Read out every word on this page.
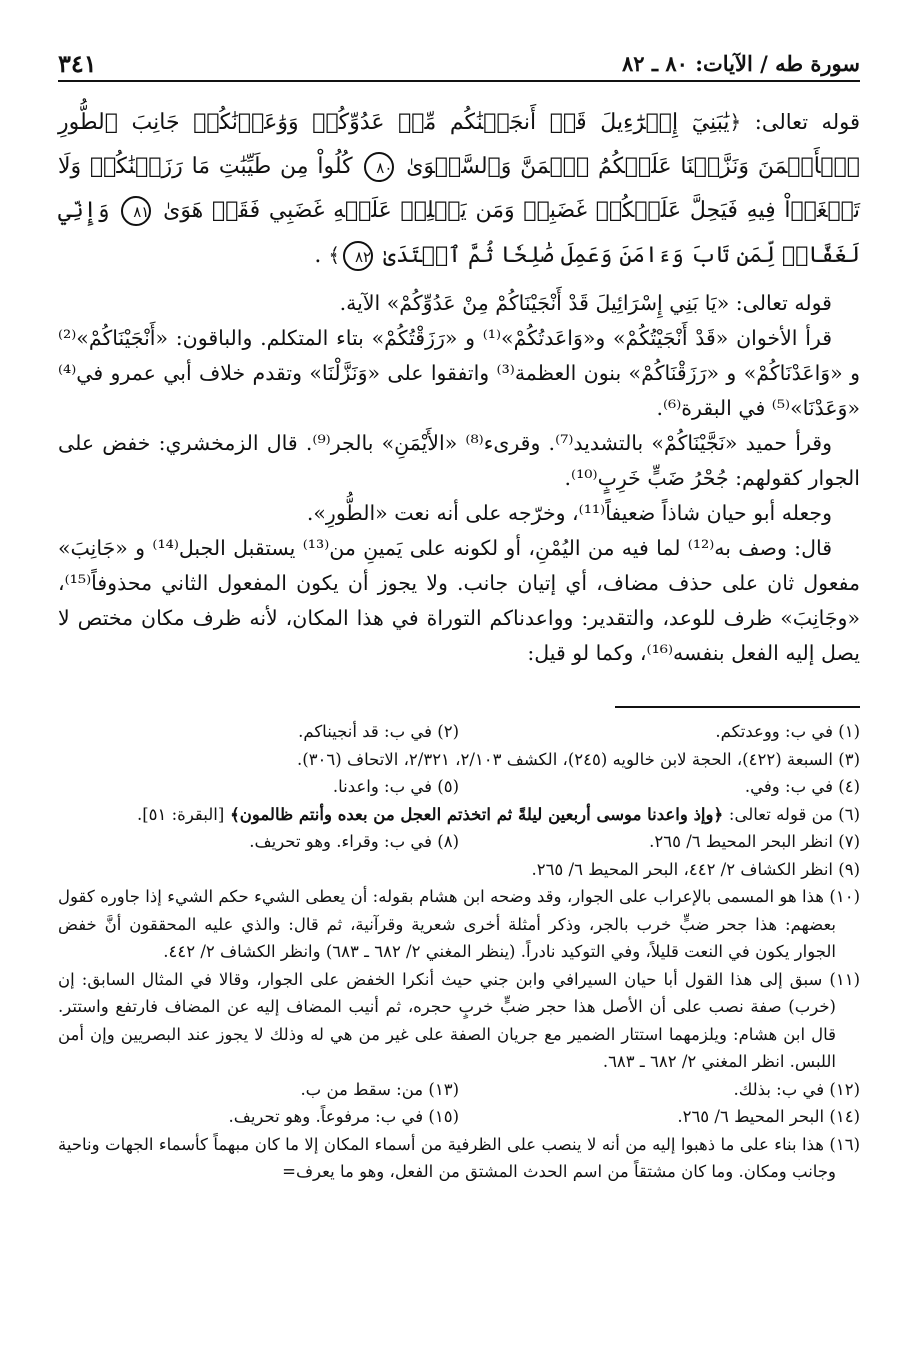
سورة طه / الآيات: ٨٠ ـ ٨٢
٣٤١

قوله تعالى: ﴿يَٰبَنِيٓ إِسۡرَٰٓءِيلَ قَدۡ أَنجَيۡنَٰكُم مِّنۡ عَدُوِّكُمۡ وَوَٰعَدۡنَٰكُمۡ جَانِبَ ٱلطُّورِ ٱلۡأَيۡمَنَ وَنَزَّلۡنَا عَلَيۡكُمُ ٱلۡمَنَّ وَٱلسَّلۡوَىٰ ٨٠ كُلُواْ مِن طَيِّبَٰتِ مَا رَزَقۡنَٰكُمۡ وَلَا تَطۡغَوۡاْ فِيهِ فَيَحِلَّ عَلَيۡكُمۡ غَضَبِيۖ وَمَن يَحۡلِلۡ عَلَيۡهِ غَضَبِي فَقَدۡ هَوَىٰ ٨١ وَإِنِّي لَغَفَّارٞ لِّمَن تَابَ وَءَامَنَ وَعَمِلَ صَٰلِحٗا ثُمَّ ٱهۡتَدَىٰ ٨٢﴾ .

قوله تعالى: «يَا بَنِي إِسْرَائِيلَ قَدْ أَنْجَيْنَاكُمْ مِنْ عَدُوِّكُمْ» الآية.

قرأ الأخوان «قَدْ أَنْجَيْتُكُمْ» و«وَاعَدتُكُمْ»⁽¹⁾ و «رَزَقْتُكُمْ» بتاء المتكلم. والباقون: «أَنْجَيْنَاكُمْ»⁽²⁾ و «وَاعَدْنَاكُمْ» و «رَزَقْنَاكُمْ» بنون العظمة⁽³⁾ واتفقوا على «وَنَزَّلْنَا» وتقدم خلاف أبي عمرو في⁽⁴⁾ «وَعَدْنَا»⁽⁵⁾ في البقرة⁽⁶⁾.

وقرأ حميد «نَجَّيْنَاكُمْ» بالتشديد⁽⁷⁾. وقرىء⁽⁸⁾ «الأَيْمَنِ» بالجر⁽⁹⁾. قال الزمخشري: خفض على الجوار كقولهم: جُحْرُ ضَبٍّ خَرِبٍ⁽¹⁰⁾.

وجعله أبو حيان شاذاً ضعيفاً⁽¹¹⁾، وخرّجه على أنه نعت «الطُّورِ».

قال: وصف به⁽¹²⁾ لما فيه من اليُمْنِ، أو لكونه على يَمينِ من⁽¹³⁾ يستقبل الجبل⁽¹⁴⁾ و «جَانِبَ» مفعول ثان على حذف مضاف، أي إتيان جانب. ولا يجوز أن يكون المفعول الثاني محذوفاً⁽¹⁵⁾، «وجَانِبَ» ظرف للوعد، والتقدير: وواعدناكم التوراة في هذا المكان، لأنه ظرف مكان مختص لا يصل إليه الفعل بنفسه⁽¹⁶⁾، وكما لو قيل:

(١) في ب: ووعدتكم.

(٢) في ب: قد أنجيناكم.

(٣) السبعة (٤٢٢)، الحجة لابن خالويه (٢٤٥)، الكشف ٢/١٠٣، ٢/٣٢١، الاتحاف (٣٠٦).

(٤) في ب: وفي.

(٥) في ب: واعدنا.

(٦) من قوله تعالى: ﴿وإذ واعدنا موسى أربعين ليلةً ثم اتخذتم العجل من بعده وأنتم ظالمون﴾ [البقرة: ٥١].

(٧) انظر البحر المحيط ٦/ ٢٦٥.

(٨) في ب: وقراء. وهو تحريف.

(٩) انظر الكشاف ٢/ ٤٤٢، البحر المحيط ٦/ ٢٦٥.

(١٠) هذا هو المسمى بالإعراب على الجوار، وقد وضحه ابن هشام بقوله: أن يعطى الشيء حكم الشيء إذا جاوره كقول بعضهم: هذا جحر ضبٍّ خرب بالجر، وذكر أمثلة أخرى شعرية وقرآنية، ثم قال: والذي عليه المحققون أنَّ خفض الجوار يكون في النعت قليلاً، وفي التوكيد نادراً. (ينظر المغني ٢/ ٦٨٢ ـ ٦٨٣) وانظر الكشاف ٢/ ٤٤٢.

(١١) سبق إلى هذا القول أبا حيان السيرافي وابن جني حيث أنكرا الخفض على الجوار، وقالا في المثال السابق: إن (خرب) صفة نصب على أن الأصل هذا حجر ضبٍّ خربٍ حجره، ثم أنيب المضاف إليه عن المضاف فارتفع واستتر. قال ابن هشام: ويلزمهما استتار الضمير مع جريان الصفة على غير من هي له وذلك لا يجوز عند البصريين وإن أمن اللبس. انظر المغني ٢/ ٦٨٢ ـ ٦٨٣.

(١٢) في ب: بذلك.

(١٣) من: سقط من ب.

(١٤) البحر المحيط ٦/ ٢٦٥.

(١٥) في ب: مرفوعاً. وهو تحريف.

(١٦) هذا بناء على ما ذهبوا إليه من أنه لا ينصب على الظرفية من أسماء المكان إلا ما كان مبهماً كأسماء الجهات وناحية وجانب ومكان. وما كان مشتقاً من اسم الحدث المشتق من الفعل، وهو ما يعرف=
